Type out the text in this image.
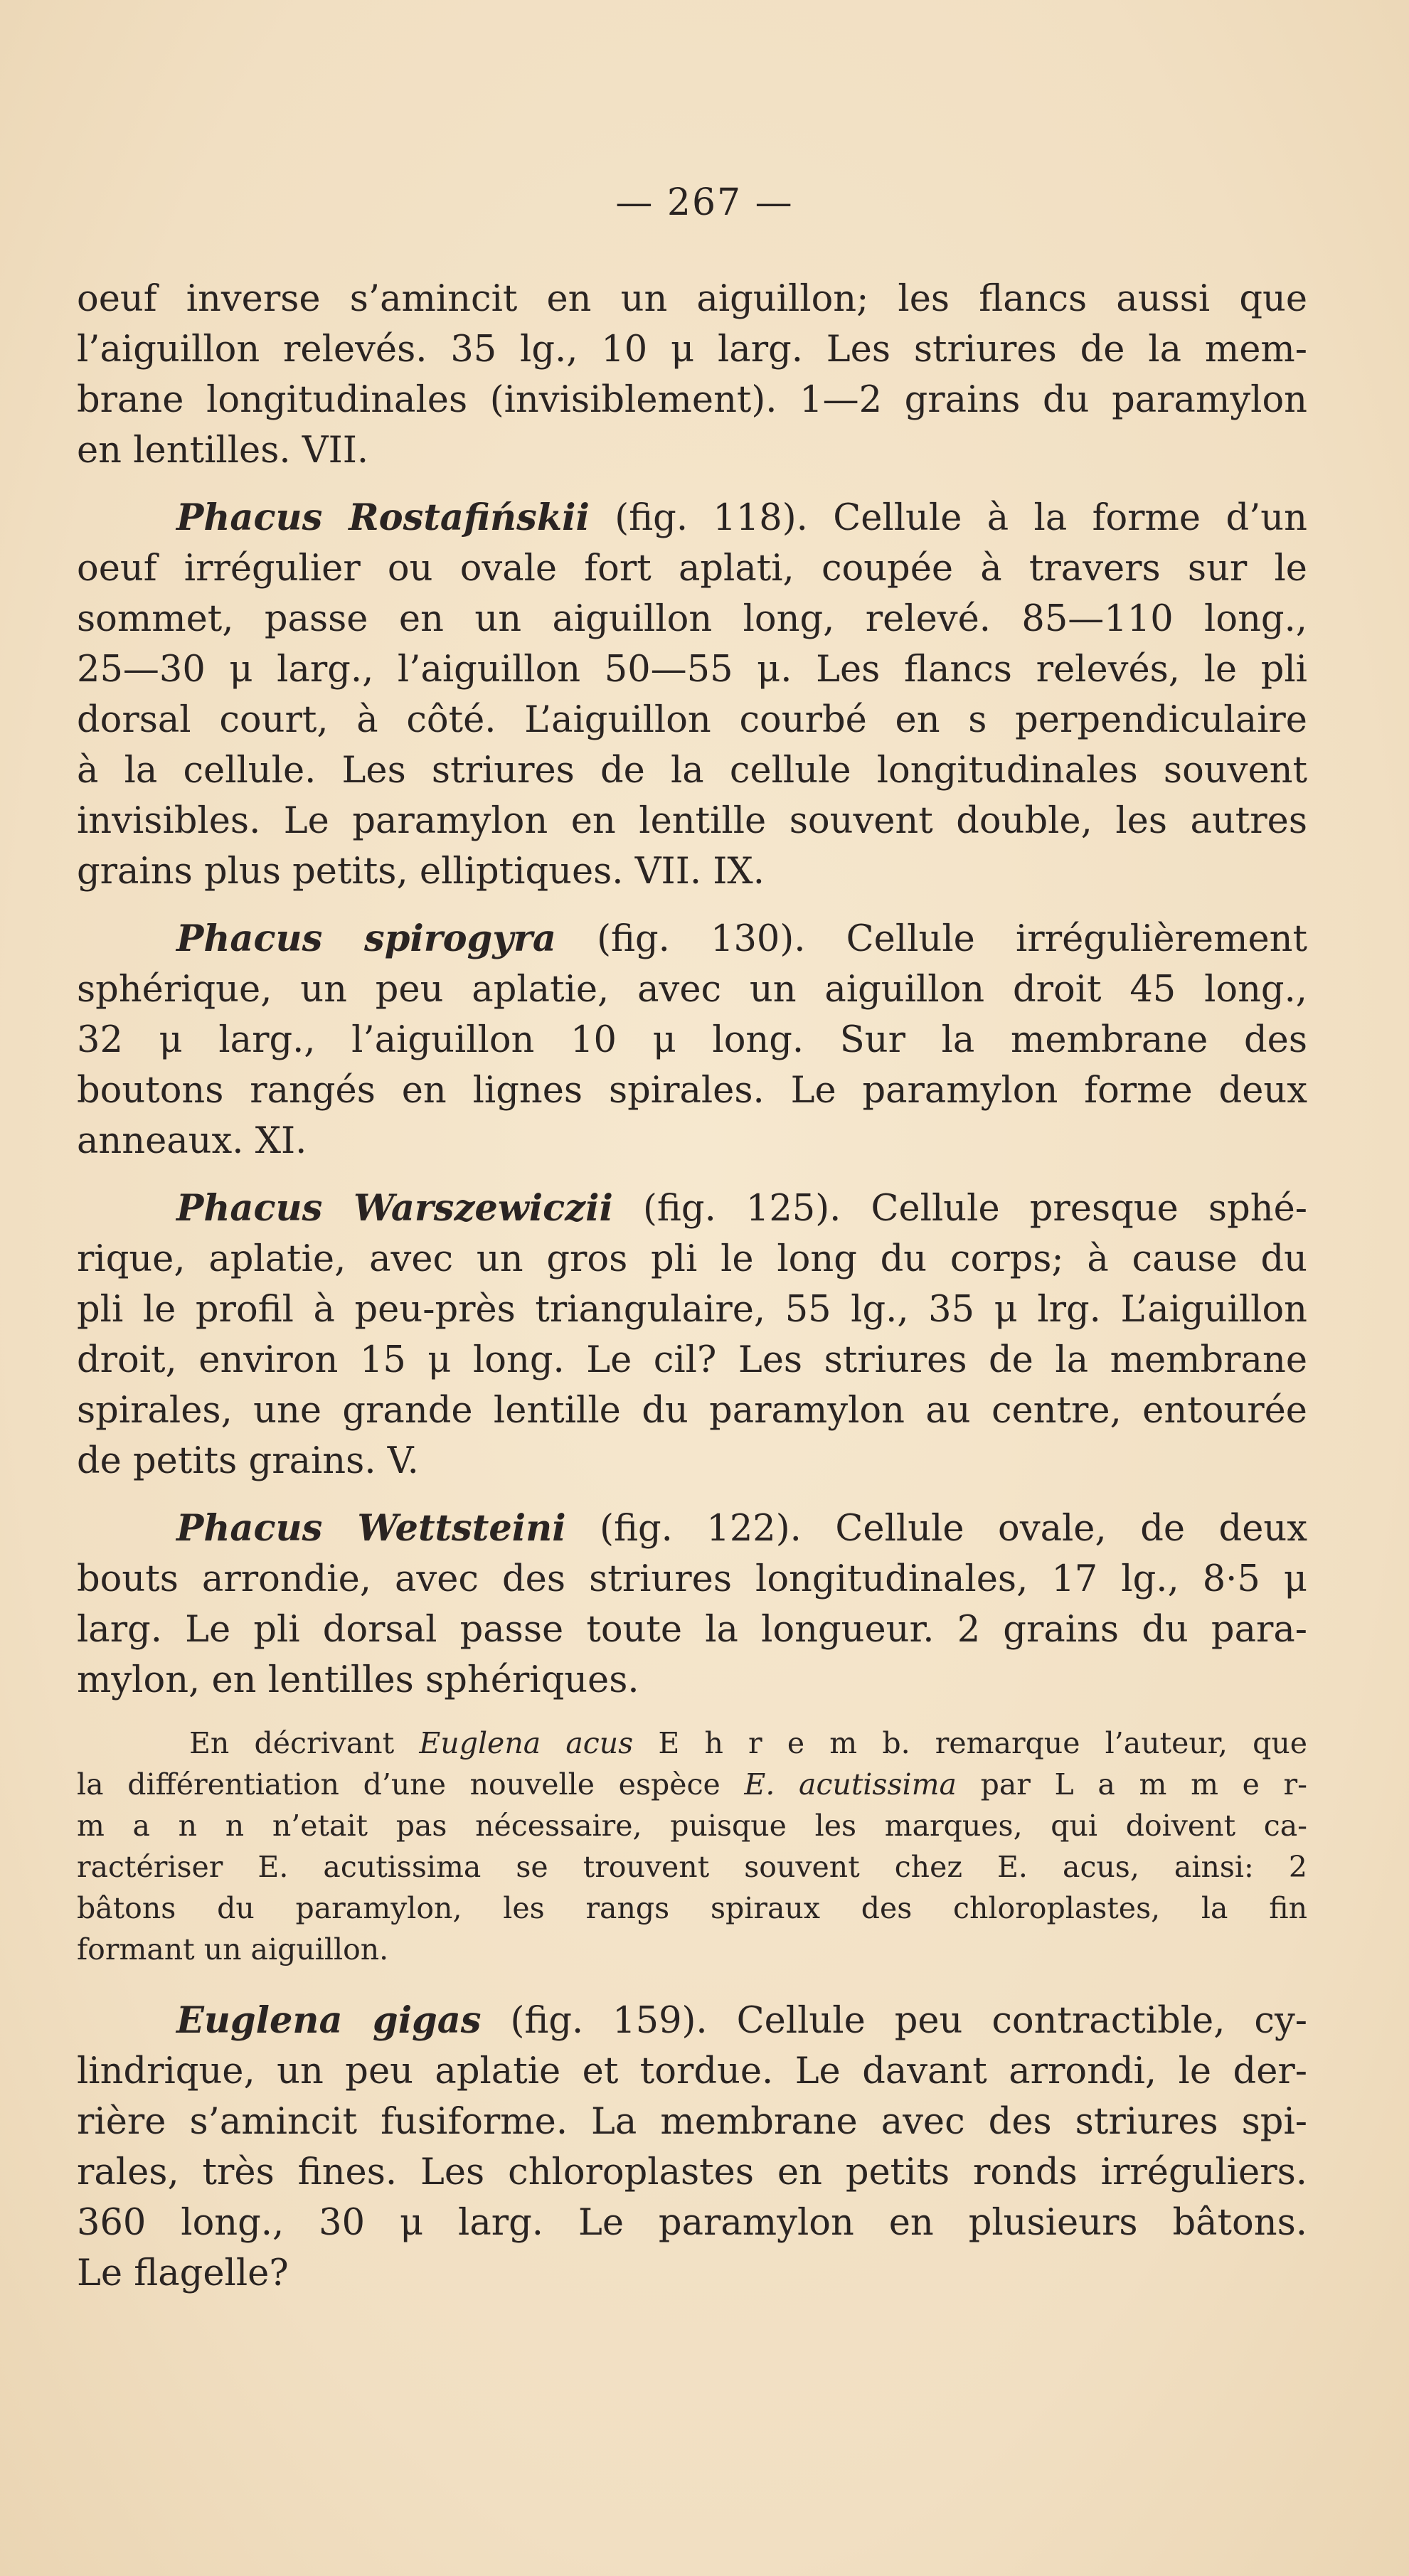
— 267 —

oeuf inverse s’amincit en un aiguillon; les flancs aussi que

l’aiguillon relevés. 35 lg., 10 μ larg. Les striures de la mem-

brane longitudinales (invisiblement). 1—2 grains du paramylon

en lentilles. VII.

Phacus Rostafińskii (fig. 118). Cellule à la forme d’un

oeuf irrégulier ou ovale fort aplati, coupée à travers sur le

sommet, passe en un aiguillon long, relevé. 85—110 long.,

25—30 μ larg., l’aiguillon 50—55 μ. Les flancs relevés, le pli

dorsal court, à côté. L’aiguillon courbé en s perpendiculaire

à la cellule. Les striures de la cellule longitudinales souvent

invisibles. Le paramylon en lentille souvent double, les autres

grains plus petits, elliptiques. VII. IX.

Phacus spirogyra (fig. 130). Cellule irrégulièrement

sphérique, un peu aplatie, avec un aiguillon droit 45 long.,

32 μ larg., l’aiguillon 10 μ long. Sur la membrane des

boutons rangés en lignes spirales. Le paramylon forme deux

anneaux. XI.

Phacus Warszewiczii (fig. 125). Cellule presque sphé-

rique, aplatie, avec un gros pli le long du corps; à cause du

pli le profil à peu-près triangulaire, 55 lg., 35 μ lrg. L’aiguillon

droit, environ 15 μ long. Le cil? Les striures de la membrane

spirales, une grande lentille du paramylon au centre, entourée

de petits grains. V.

Phacus Wettsteini (fig. 122). Cellule ovale, de deux

bouts arrondie, avec des striures longitudinales, 17 lg., 8·5 μ

larg. Le pli dorsal passe toute la longueur. 2 grains du para-

mylon, en lentilles sphériques.

En décrivant Euglena acus E h r e m b. remarque l’auteur, que

la différentiation d’une nouvelle espèce E. acutissima par L a m m e r-

m a n n n’etait pas nécessaire, puisque les marques, qui doivent ca-

ractériser E. acutissima se trouvent souvent chez E. acus, ainsi: 2

bâtons du paramylon, les rangs spiraux des chloroplastes, la fin

formant un aiguillon.

Euglena gigas (fig. 159). Cellule peu contractible, cy-

lindrique, un peu aplatie et tordue. Le davant arrondi, le der-

rière s’amincit fusiforme. La membrane avec des striures spi-

rales, très fines. Les chloroplastes en petits ronds irréguliers.

360 long., 30 μ larg. Le paramylon en plusieurs bâtons.

Le flagelle?
